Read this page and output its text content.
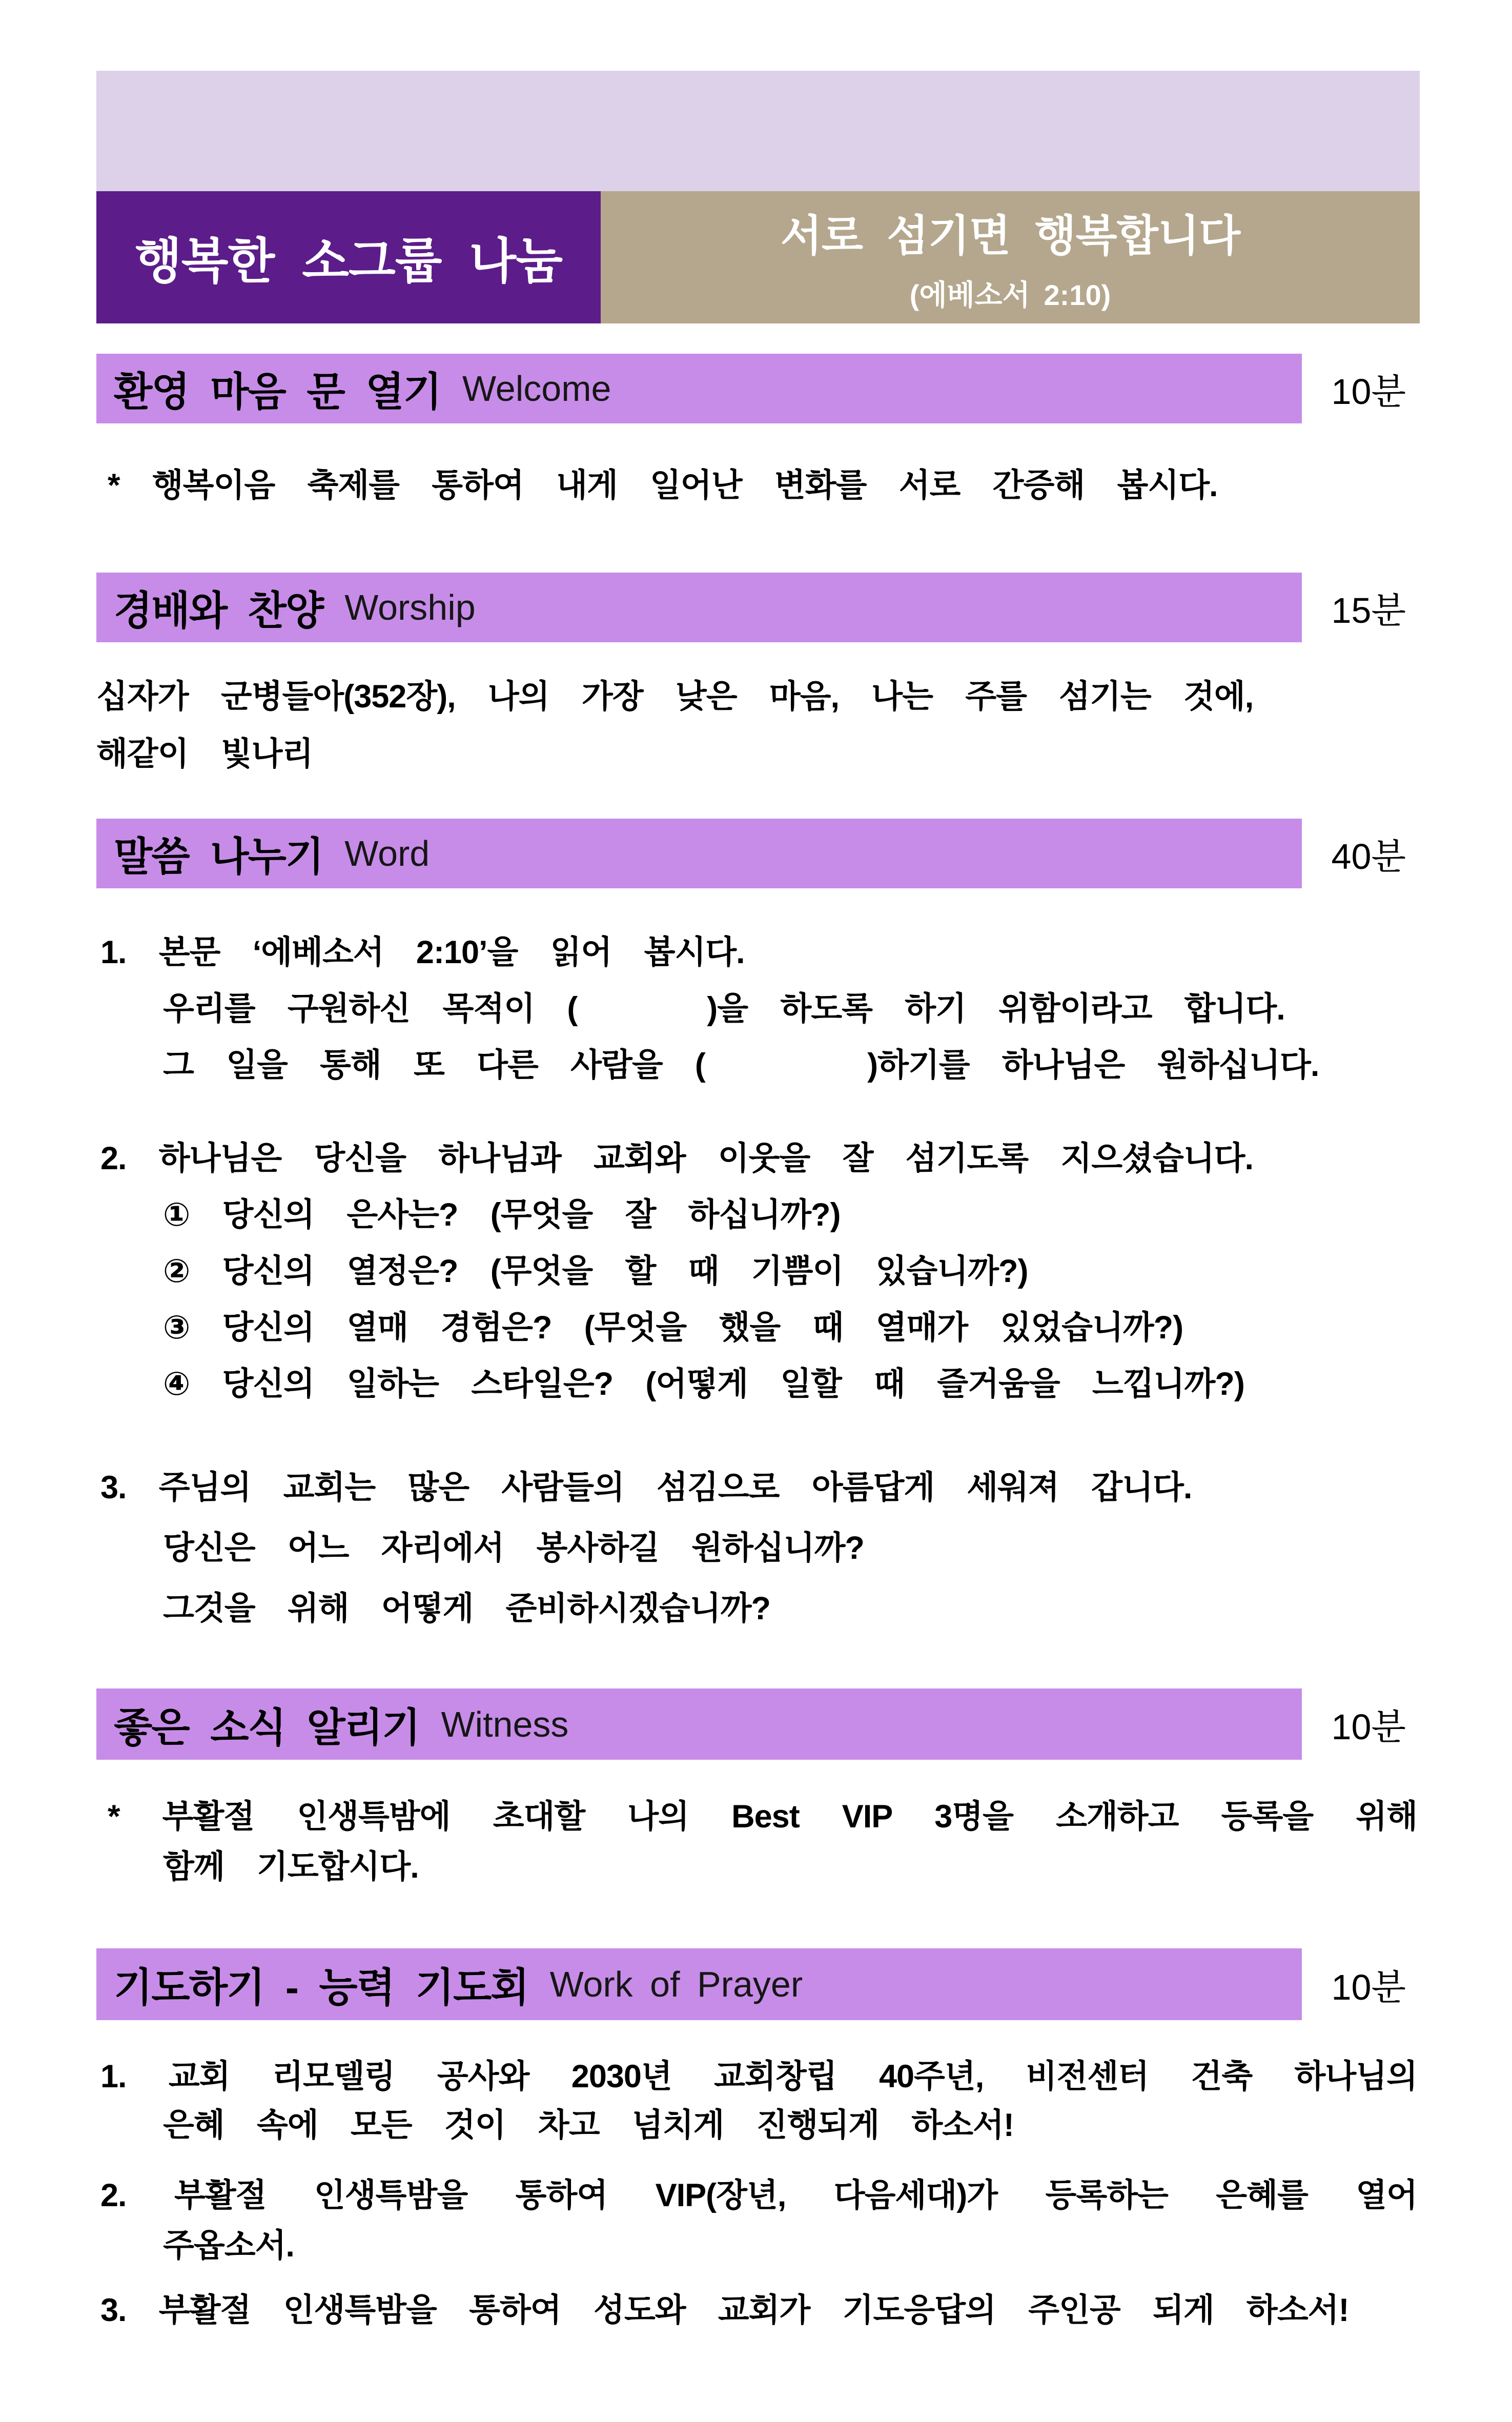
행복한 소그룹 나눔	서로 섬기면 행복합니다
(에베소서 2:10)
환영 마음 문 열기 Welcome	10분
*  행복이음  축제를  통하여  내게  일어난  변화를  서로  간증해  봅시다.
경배와 찬양 Worship	15분
십자가  군병들아(352장),  나의  가장  낮은  마음,  나는  주를  섬기는  것에,
해같이  빛나리
말씀 나누기 Word	40분
1.  본문  ‘에베소서  2:10’을  읽어  봅시다.
우리를  구원하신  목적이  (        )을  하도록  하기  위함이라고  합니다.
그  일을  통해  또  다른  사람을  (          )하기를  하나님은  원하십니다.
2.  하나님은  당신을  하나님과  교회와  이웃을  잘  섬기도록  지으셨습니다.
①  당신의  은사는?  (무엇을  잘  하십니까?)
②  당신의  열정은?  (무엇을  할  때  기쁨이  있습니까?)
③  당신의  열매  경험은?  (무엇을  했을  때  열매가  있었습니까?)
④  당신의  일하는  스타일은?  (어떻게  일할  때  즐거움을  느낍니까?)
3.  주님의  교회는  많은  사람들의  섬김으로  아름답게  세워져  갑니다.
당신은  어느  자리에서  봉사하길  원하십니까?
그것을  위해  어떻게  준비하시겠습니까?
좋은 소식 알리기 Witness	10분
* 부활절 인생특밤에 초대할 나의 Best VIP 3명을 소개하고 등록을 위해
함께  기도합시다.
기도하기 - 능력 기도회 Work of Prayer	10분
1. 교회 리모델링 공사와 2030년 교회창립 40주년, 비전센터 건축 하나님의
은혜  속에  모든  것이  차고  넘치게  진행되게  하소서!
2. 부활절 인생특밤을 통하여 VIP(장년, 다음세대)가 등록하는 은혜를 열어
주옵소서.
3.  부활절  인생특밤을  통하여  성도와  교회가  기도응답의  주인공  되게  하소서!
